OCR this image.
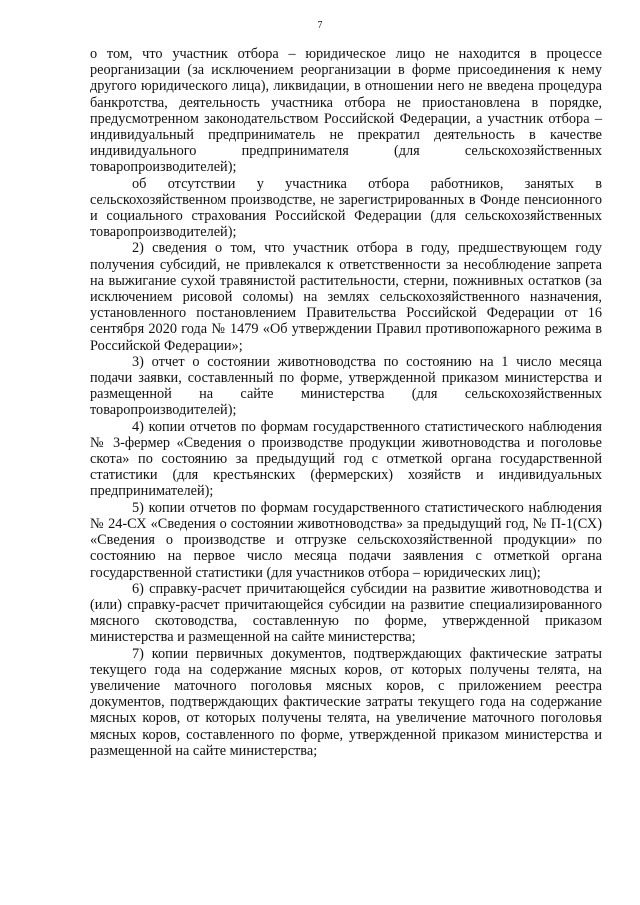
7

о том, что участник отбора – юридическое лицо не находится в процессе реорганизации (за исключением реорганизации в форме присоединения к нему другого юридического лица), ликвидации, в отношении него не введена процедура банкротства, деятельность участника отбора не приостановлена в порядке, предусмотренном законодательством Российской Федерации, а участник отбора – индивидуальный предприниматель не прекратил деятельность в качестве индивидуального предпринимателя (для сельскохозяйственных товаропроизводителей);

об отсутствии у участника отбора работников, занятых в сельскохозяйственном производстве, не зарегистрированных в Фонде пенсионного и социального страхования Российской Федерации (для сельскохозяйственных товаропроизводителей);

2) сведения о том, что участник отбора в году, предшествующем году получения субсидий, не привлекался к ответственности за несоблюдение запрета на выжигание сухой травянистой растительности, стерни, пожнивных остатков (за исключением рисовой соломы) на землях сельскохозяйственного назначения, установленного постановлением Правительства Российской Федерации от 16 сентября 2020 года № 1479 «Об утверждении Правил противопожарного режима в Российской Федерации»;

3) отчет о состоянии животноводства по состоянию на 1 число месяца подачи заявки, составленный по форме, утвержденной приказом министерства и размещенной на сайте министерства (для сельскохозяйственных товаропроизводителей);

4) копии отчетов по формам государственного статистического наблюдения № 3-фермер «Сведения о производстве продукции животноводства и поголовье скота» по состоянию за предыдущий год с отметкой органа государственной статистики (для крестьянских (фермерских) хозяйств и индивидуальных предпринимателей);

5) копии отчетов по формам государственного статистического наблюдения № 24-СХ «Сведения о состоянии животноводства» за предыдущий год, № П-1(СХ) «Сведения о производстве и отгрузке сельскохозяйственной продукции» по состоянию на первое число месяца подачи заявления с отметкой органа государственной статистики (для участников отбора – юридических лиц);

6) справку-расчет причитающейся субсидии на развитие животноводства и (или) справку-расчет причитающейся субсидии на развитие специализированного мясного скотоводства, составленную по форме, утвержденной приказом министерства и размещенной на сайте министерства;

7) копии первичных документов, подтверждающих фактические затраты текущего года на содержание мясных коров, от которых получены телята, на увеличение маточного поголовья мясных коров, с приложением реестра документов, подтверждающих фактические затраты текущего года на содержание мясных коров, от которых получены телята, на увеличение маточного поголовья мясных коров, составленного по форме, утвержденной приказом министерства и размещенной на сайте министерства;
